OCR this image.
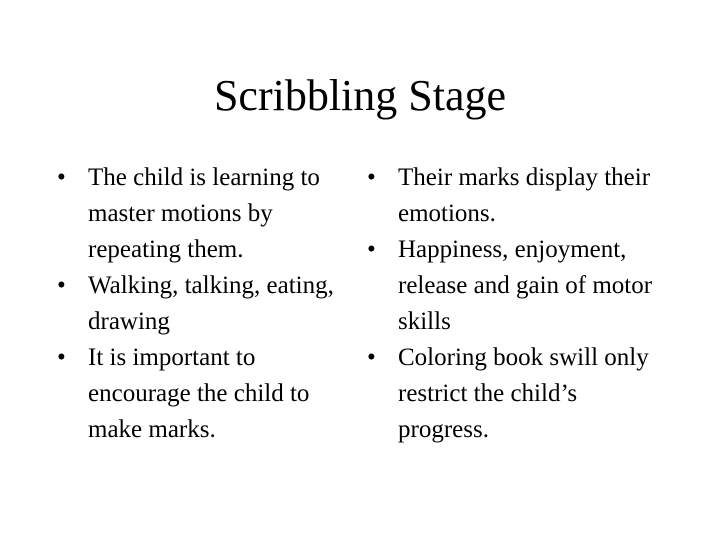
Scribbling Stage
• The child is learning to master motions by repeating them.
• Walking, talking, eating, drawing
• It is important to encourage the child to make marks.
• Their marks display their emotions.
• Happiness, enjoyment, release and gain of motor skills
• Coloring book swill only restrict the child’s progress.
